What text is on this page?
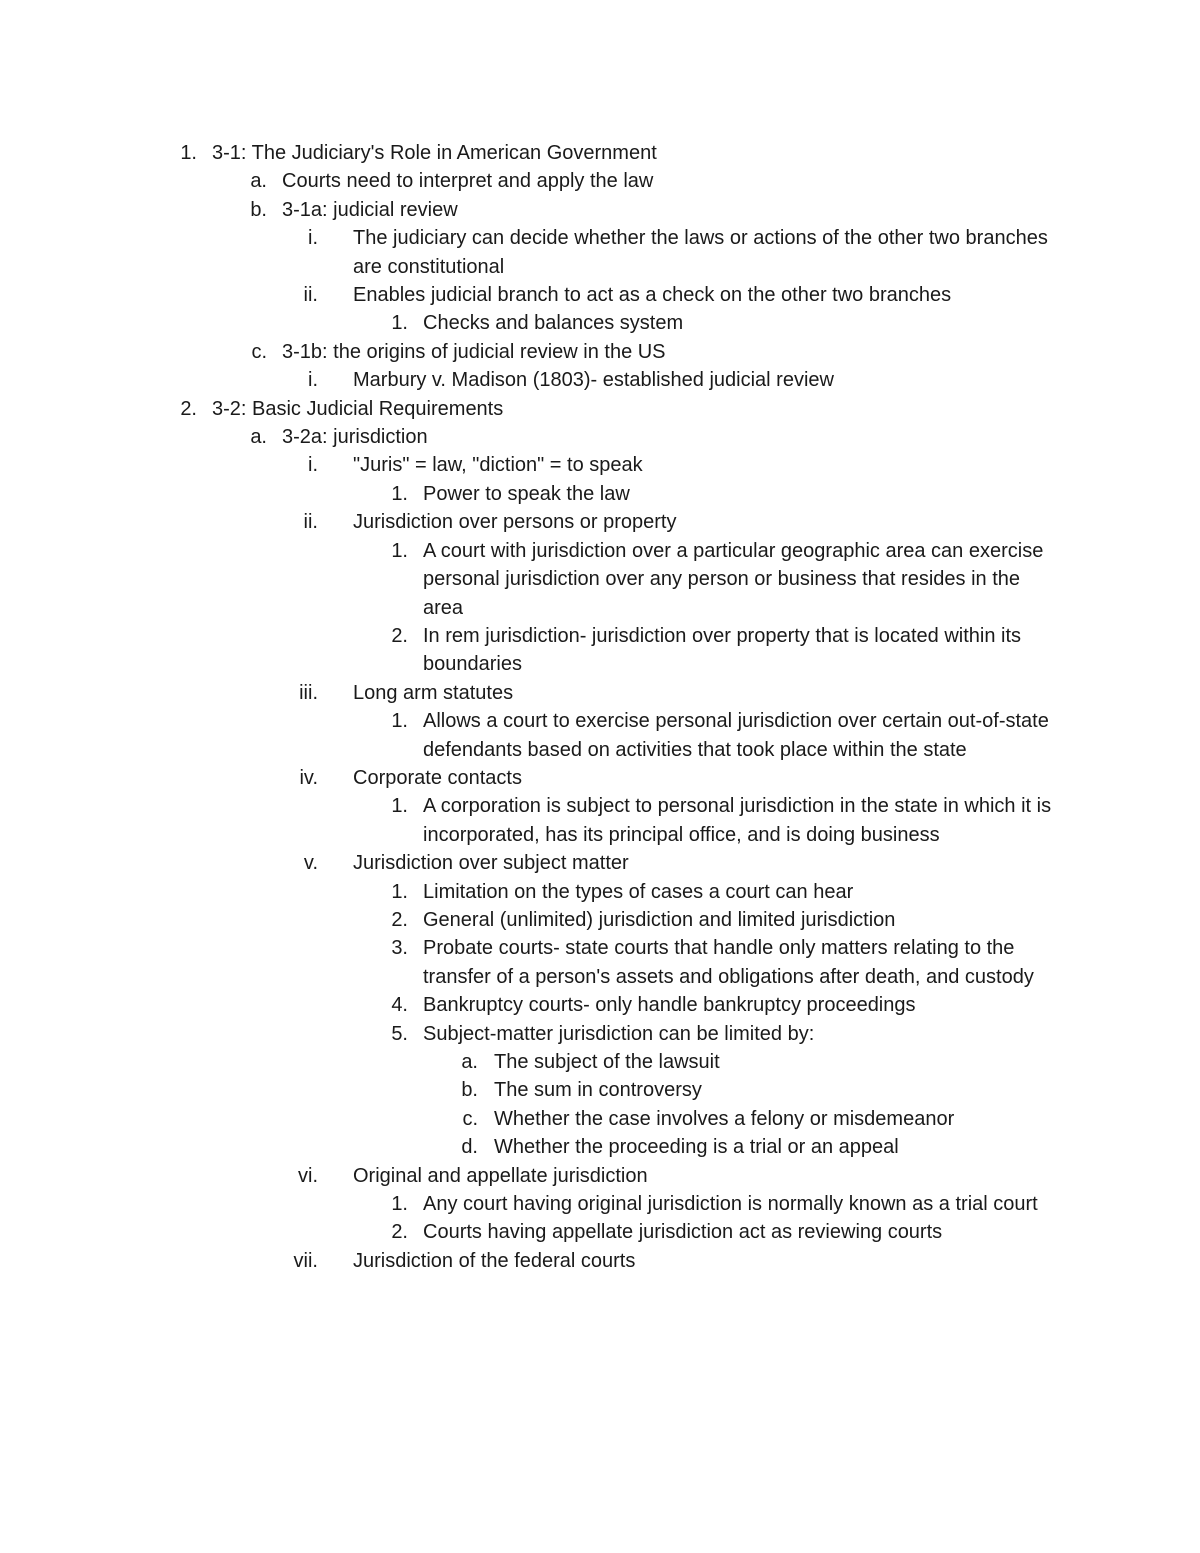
1. 3-1: The Judiciary's Role in American Government
a. Courts need to interpret and apply the law
b. 3-1a: judicial review
i. The judiciary can decide whether the laws or actions of the other two branches are constitutional
ii. Enables judicial branch to act as a check on the other two branches
1. Checks and balances system
c. 3-1b: the origins of judicial review in the US
i. Marbury v. Madison (1803)- established judicial review
2. 3-2: Basic Judicial Requirements
a. 3-2a: jurisdiction
i. "Juris" = law, "diction" = to speak
1. Power to speak the law
ii. Jurisdiction over persons or property
1. A court with jurisdiction over a particular geographic area can exercise personal jurisdiction over any person or business that resides in the area
2. In rem jurisdiction- jurisdiction over property that is located within its boundaries
iii. Long arm statutes
1. Allows a court to exercise personal jurisdiction over certain out-of-state defendants based on activities that took place within the state
iv. Corporate contacts
1. A corporation is subject to personal jurisdiction in the state in which it is incorporated, has its principal office, and is doing business
v. Jurisdiction over subject matter
1. Limitation on the types of cases a court can hear
2. General (unlimited) jurisdiction and limited jurisdiction
3. Probate courts- state courts that handle only matters relating to the transfer of a person's assets and obligations after death, and custody
4. Bankruptcy courts- only handle bankruptcy proceedings
5. Subject-matter jurisdiction can be limited by:
a. The subject of the lawsuit
b. The sum in controversy
c. Whether the case involves a felony or misdemeanor
d. Whether the proceeding is a trial or an appeal
vi. Original and appellate jurisdiction
1. Any court having original jurisdiction is normally known as a trial court
2. Courts having appellate jurisdiction act as reviewing courts
vii. Jurisdiction of the federal courts
